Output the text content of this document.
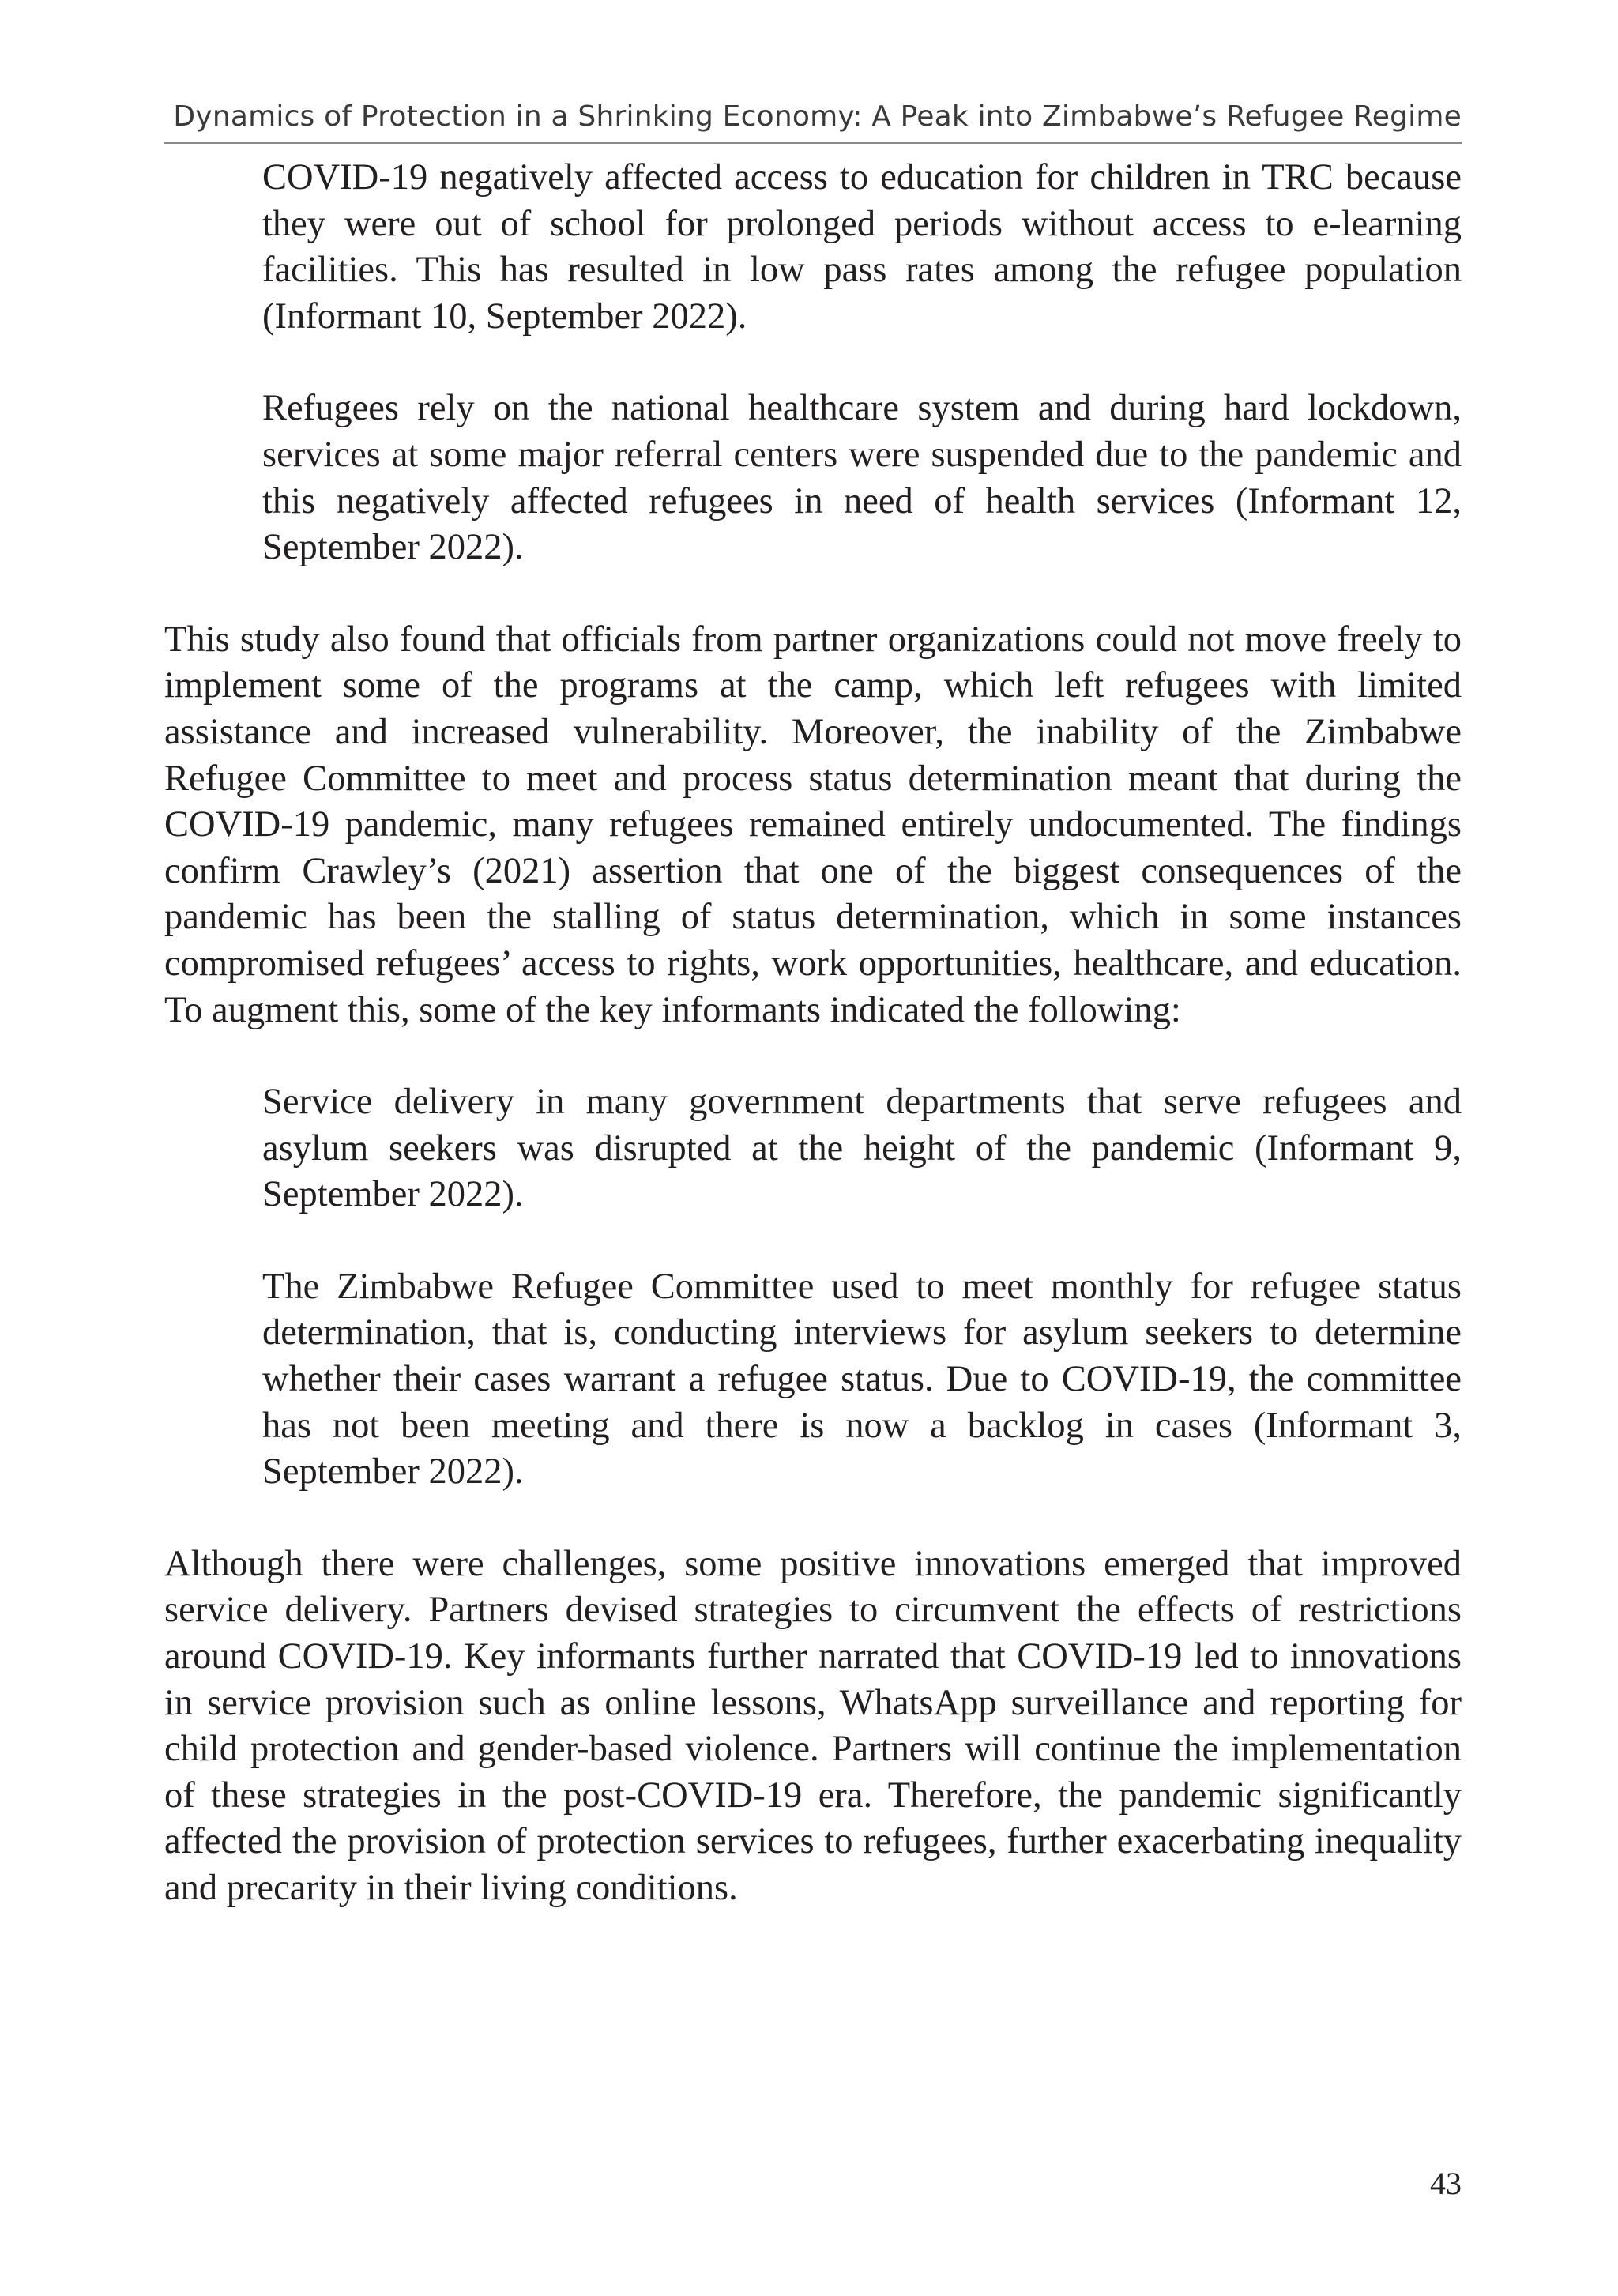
Dynamics of Protection in a Shrinking Economy: A Peak into Zimbabwe’s Refugee Regime

COVID-19 negatively affected access to education for children in TRC because they were out of school for prolonged periods without access to e-learning facilities. This has resulted in low pass rates among the refugee population (Informant 10, September 2022).

Refugees rely on the national healthcare system and during hard lockdown, services at some major referral centers were suspended due to the pandemic and this negatively affected refugees in need of health services (Informant 12, September 2022).

This study also found that officials from partner organizations could not move freely to implement some of the programs at the camp, which left refugees with limited assistance and increased vulnerability. Moreover, the inability of the Zimbabwe Refugee Committee to meet and process status determination meant that during the COVID-19 pandemic, many refugees remained entirely undocumented. The findings confirm Crawley’s (2021) assertion that one of the biggest consequences of the pandemic has been the stalling of status determination, which in some instances compromised refugees’ access to rights, work opportunities, healthcare, and education. To augment this, some of the key informants indicated the following:

Service delivery in many government departments that serve refugees and asylum seekers was disrupted at the height of the pandemic (Informant 9, September 2022).

The Zimbabwe Refugee Committee used to meet monthly for refugee status determination, that is, conducting interviews for asylum seekers to determine whether their cases warrant a refugee status. Due to COVID-19, the committee has not been meeting and there is now a backlog in cases (Informant 3, September 2022).

Although there were challenges, some positive innovations emerged that improved service delivery. Partners devised strategies to circumvent the effects of restrictions around COVID-19. Key informants further narrated that COVID-19 led to innovations in service provision such as online lessons, WhatsApp surveillance and reporting for child protection and gender-based violence. Partners will continue the implementation of these strategies in the post-COVID-19 era. Therefore, the pandemic significantly affected the provision of protection services to refugees, further exacerbating inequality and precarity in their living conditions.

43
